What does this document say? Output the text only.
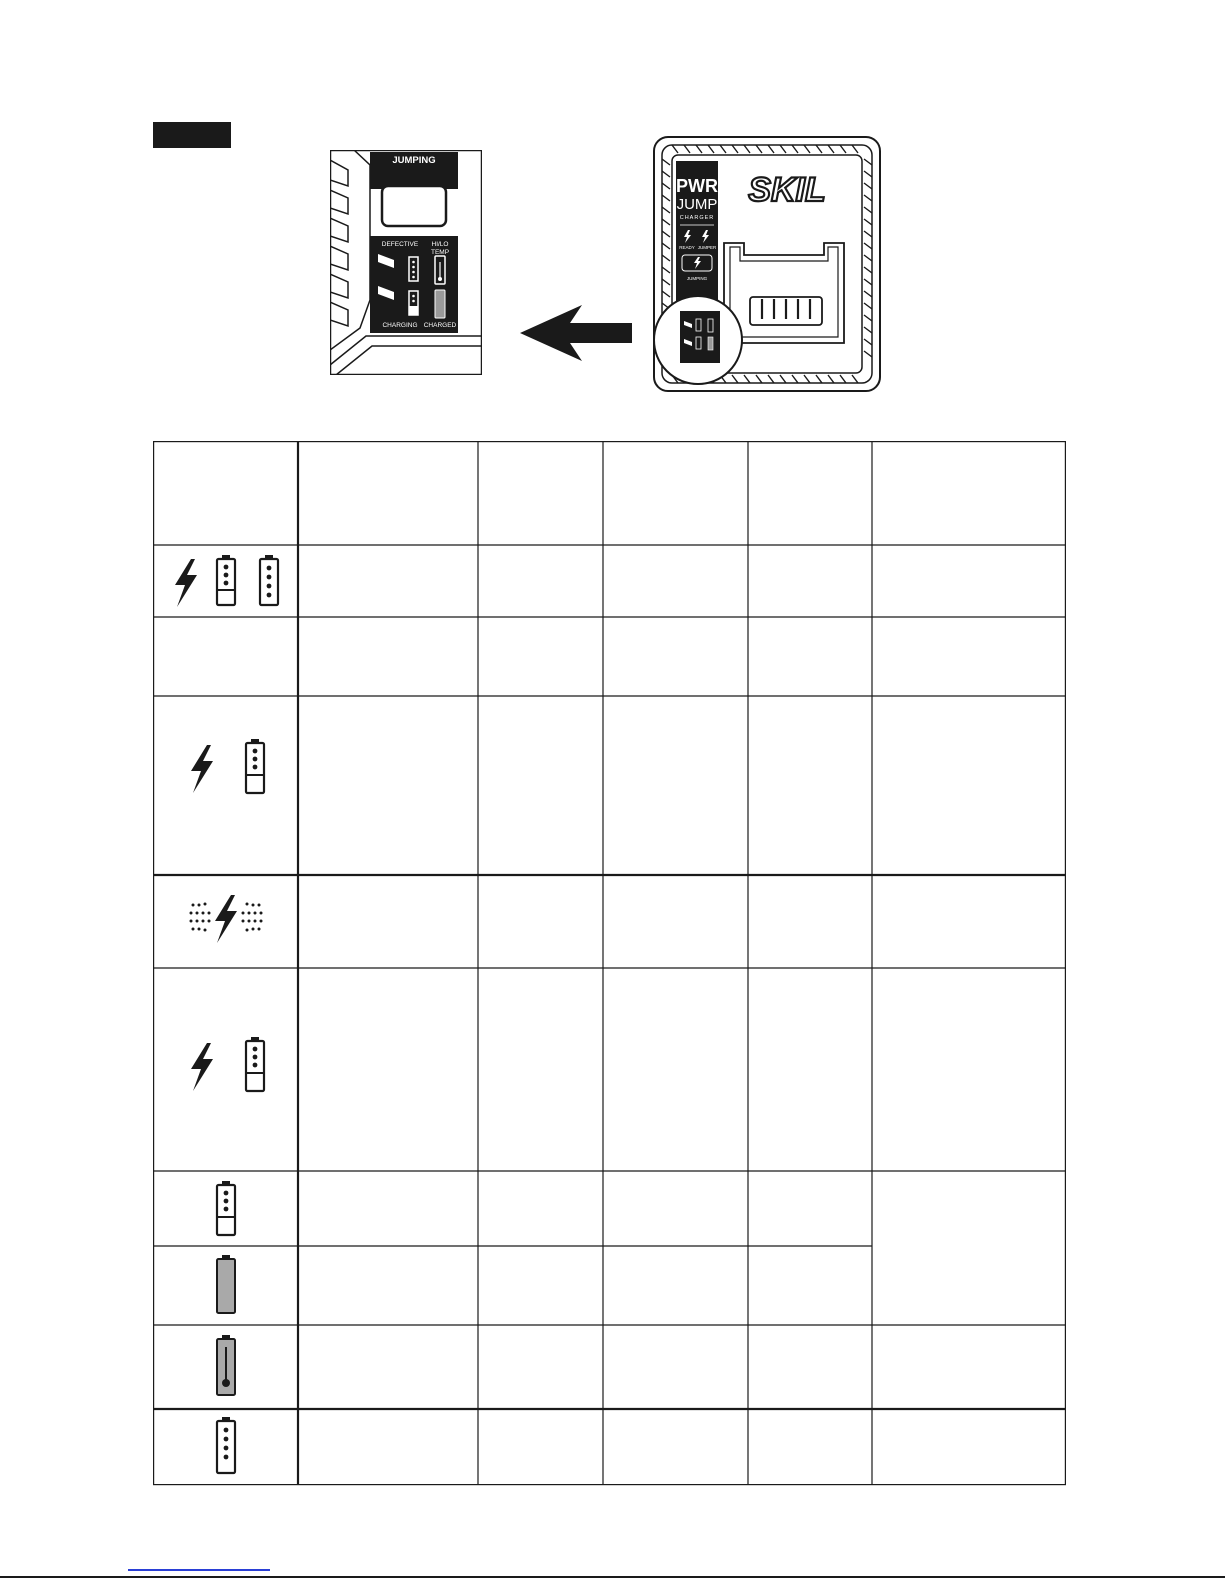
JUMPING
DEFECTIVE HI/LO
TEMP
CHARGING CHARGED
PWR
JUMP
CHARGER
READY JUMPER
JUMPING
SKIL
